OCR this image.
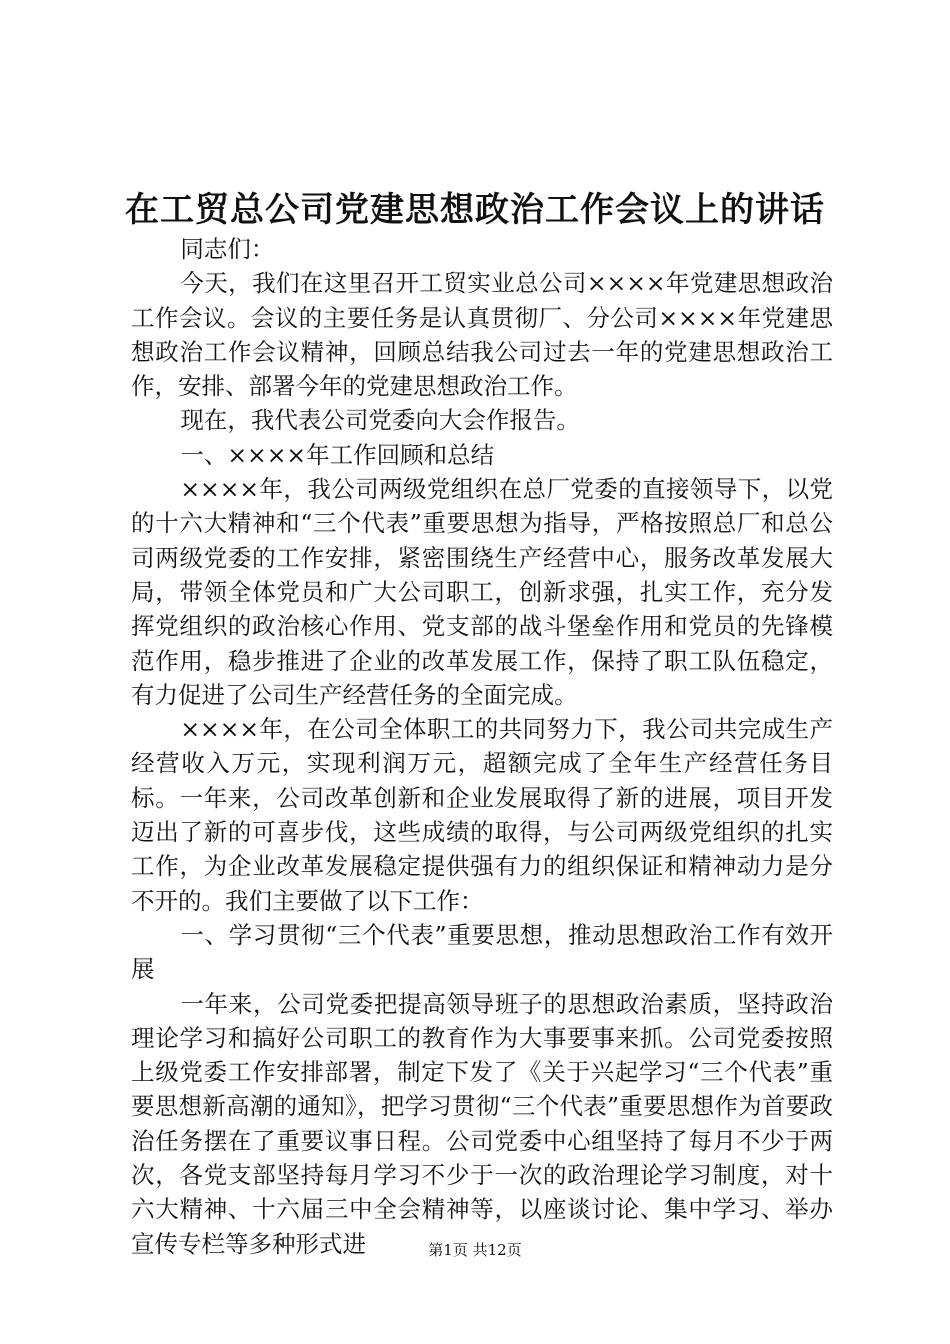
在工贸总公司党建思想政治工作会议上的讲话

同志们：

今天，我们在这里召开工贸实业总公司××××年党建思想政治工作会议。会议的主要任务是认真贯彻厂、分公司××××年党建思想政治工作会议精神，回顾总结我公司过去一年的党建思想政治工作，安排、部署今年的党建思想政治工作。

现在，我代表公司党委向大会作报告。

一、××××年工作回顾和总结

××××年，我公司两级党组织在总厂党委的直接领导下，以党的十六大精神和“三个代表”重要思想为指导，严格按照总厂和总公司两级党委的工作安排，紧密围绕生产经营中心，服务改革发展大局，带领全体党员和广大公司职工，创新求强，扎实工作，充分发挥党组织的政治核心作用、党支部的战斗堡垒作用和党员的先锋模范作用，稳步推进了企业的改革发展工作，保持了职工队伍稳定，有力促进了公司生产经营任务的全面完成。

××××年，在公司全体职工的共同努力下，我公司共完成生产经营收入万元，实现利润万元，超额完成了全年生产经营任务目标。一年来，公司改革创新和企业发展取得了新的进展，项目开发迈出了新的可喜步伐，这些成绩的取得，与公司两级党组织的扎实工作，为企业改革发展稳定提供强有力的组织保证和精神动力是分不开的。我们主要做了以下工作：

一、学习贯彻“三个代表”重要思想，推动思想政治工作有效开展

一年来，公司党委把提高领导班子的思想政治素质，坚持政治理论学习和搞好公司职工的教育作为大事要事来抓。公司党委按照上级党委工作安排部署，制定下发了《关于兴起学习“三个代表”重要思想新高潮的通知》，把学习贯彻“三个代表”重要思想作为首要政治任务摆在了重要议事日程。公司党委中心组坚持了每月不少于两次，各党支部坚持每月学习不少于一次的政治理论学习制度，对十六大精神、十六届三中全会精神等，以座谈讨论、集中学习、举办宣传专栏等多种形式进	第1页 共12页
